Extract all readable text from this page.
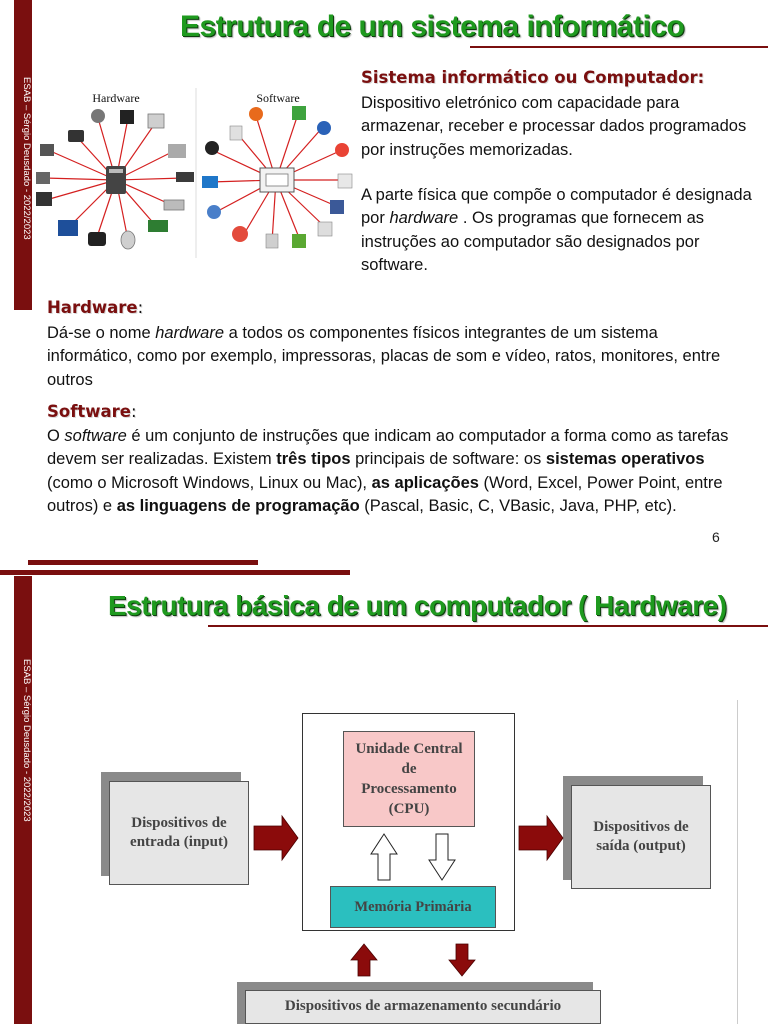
ESAB – Sérgio Deusdado - 2022/2023
Estrutura de um sistema informático
Hardware	Software
Sistema informático ou Computador:
Dispositivo eletrónico com capacidade para armazenar, receber e processar dados programados por instruções memorizadas.
A parte física que compõe o computador é designada por hardware . Os programas que fornecem as instruções ao computador são designados por software.
Hardware:
Dá-se o nome hardware a todos os componentes físicos integrantes de um sistema informático, como por exemplo, impressoras, placas de som e vídeo, ratos, monitores, entre outros
Software:
O software é um conjunto de instruções que indicam ao computador a forma como as tarefas devem ser realizadas. Existem três tipos principais de software: os sistemas operativos (como o Microsoft Windows, Linux ou Mac), as aplicações (Word, Excel, Power Point, entre outros) e as linguagens de programação (Pascal, Basic, C, VBasic, Java, PHP, etc).
6
ESAB – Sérgio Deusdado - 2022/2023
Estrutura básica de um computador ( Hardware)
Dispositivos de entrada (input)
Unidade Central de Processamento (CPU)
Memória Primária
Dispositivos de saída (output)
Dispositivos de armazenamento secundário
